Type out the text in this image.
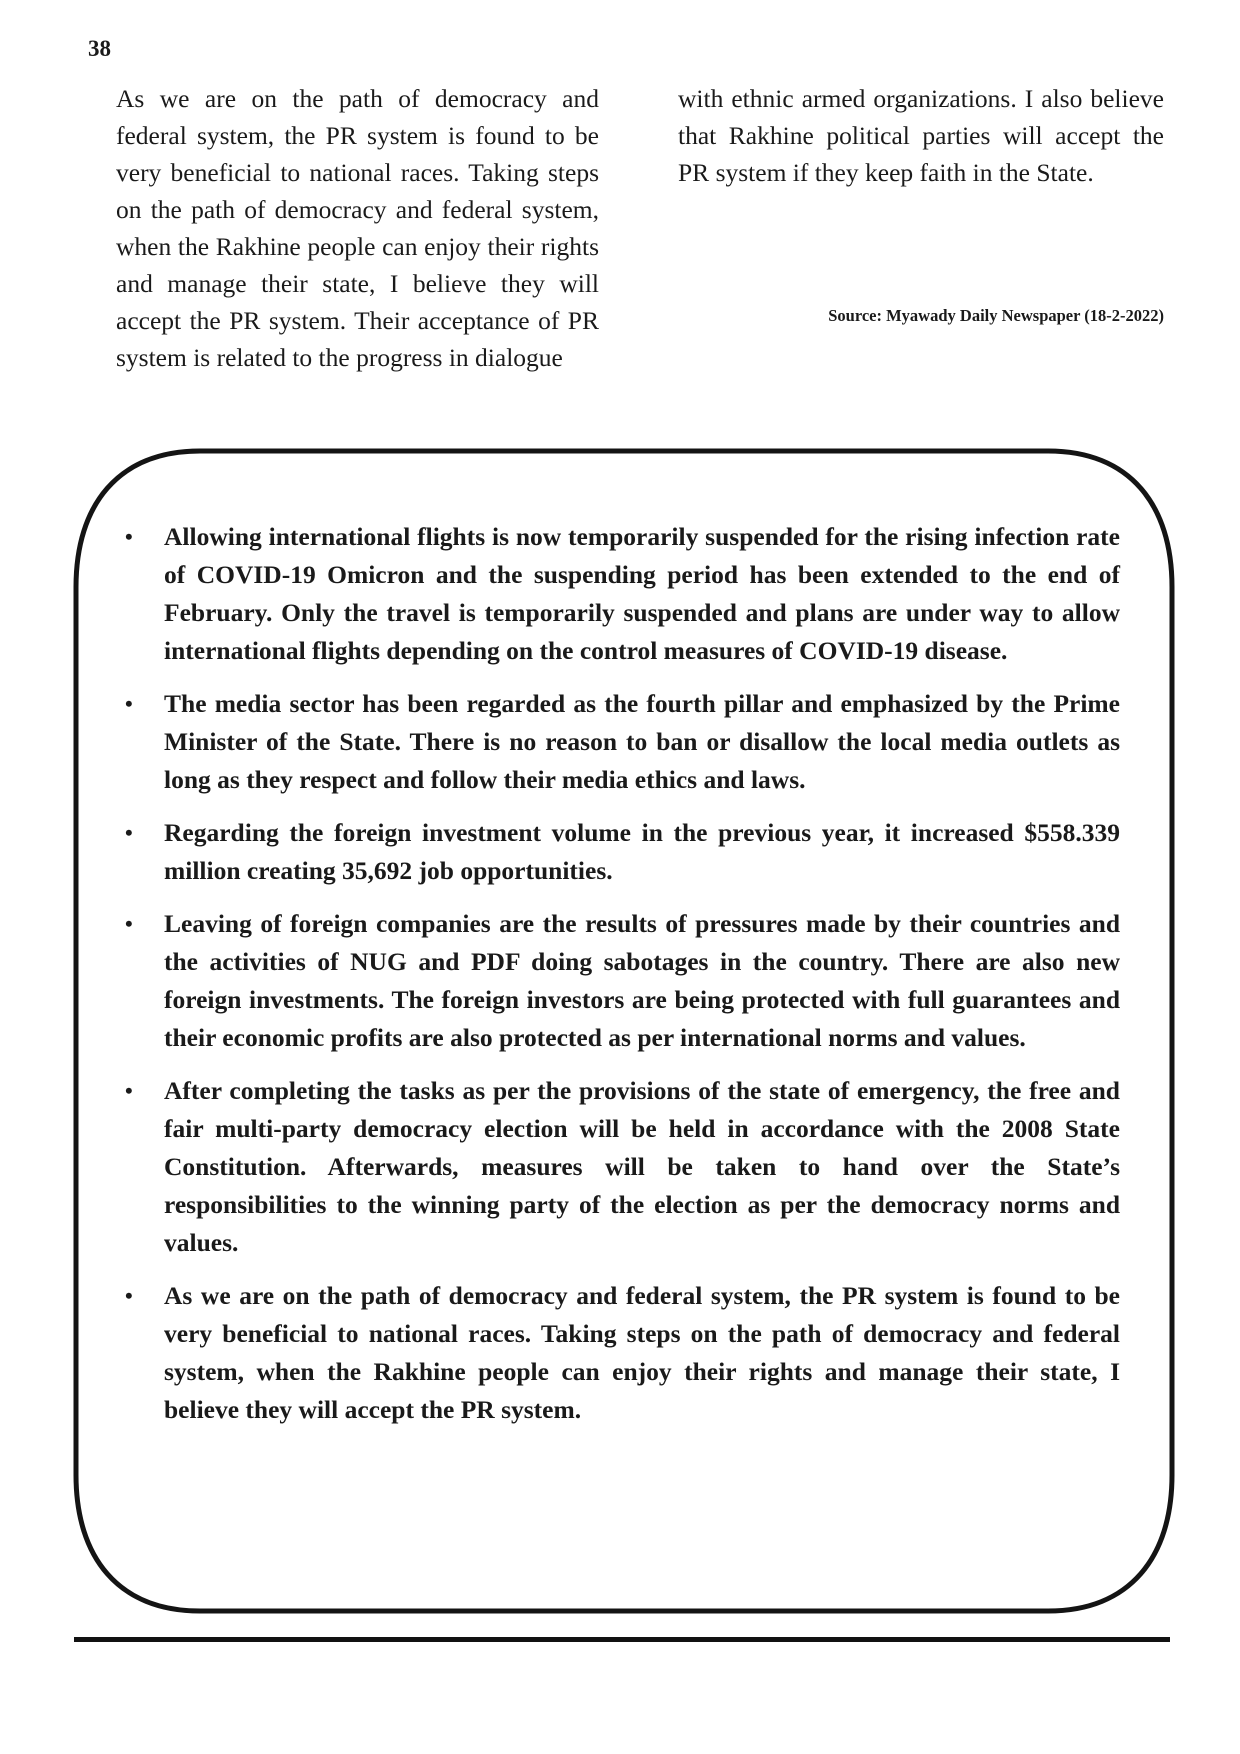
38
As we are on the path of democracy and federal system, the PR system is found to be very beneficial to national races. Taking steps on the path of democracy and federal system, when the Rakhine people can enjoy their rights and manage their state, I believe they will accept the PR system. Their acceptance of PR system is related to the progress in dialogue
with ethnic armed organizations. I also believe that Rakhine political parties will accept the PR system if they keep faith in the State.
Source: Myawady Daily Newspaper (18-2-2022)
• Allowing international flights is now temporarily suspended for the rising infection rate of COVID-19 Omicron and the suspending period has been extended to the end of February. Only the travel is temporarily suspended and plans are under way to allow international flights depending on the control measures of COVID-19 disease.
• The media sector has been regarded as the fourth pillar and emphasized by the Prime Minister of the State. There is no reason to ban or disallow the local media outlets as long as they respect and follow their media ethics and laws.
• Regarding the foreign investment volume in the previous year, it increased $558.339 million creating 35,692 job opportunities.
• Leaving of foreign companies are the results of pressures made by their countries and the activities of NUG and PDF doing sabotages in the country. There are also new foreign investments. The foreign investors are being protected with full guarantees and their economic profits are also protected as per international norms and values.
• After completing the tasks as per the provisions of the state of emergency, the free and fair multi-party democracy election will be held in accordance with the 2008 State Constitution. Afterwards, measures will be taken to hand over the State’s responsibilities to the winning party of the election as per the democracy norms and values.
• As we are on the path of democracy and federal system, the PR system is found to be very beneficial to national races. Taking steps on the path of democracy and federal system, when the Rakhine people can enjoy their rights and manage their state, I believe they will accept the PR system.
